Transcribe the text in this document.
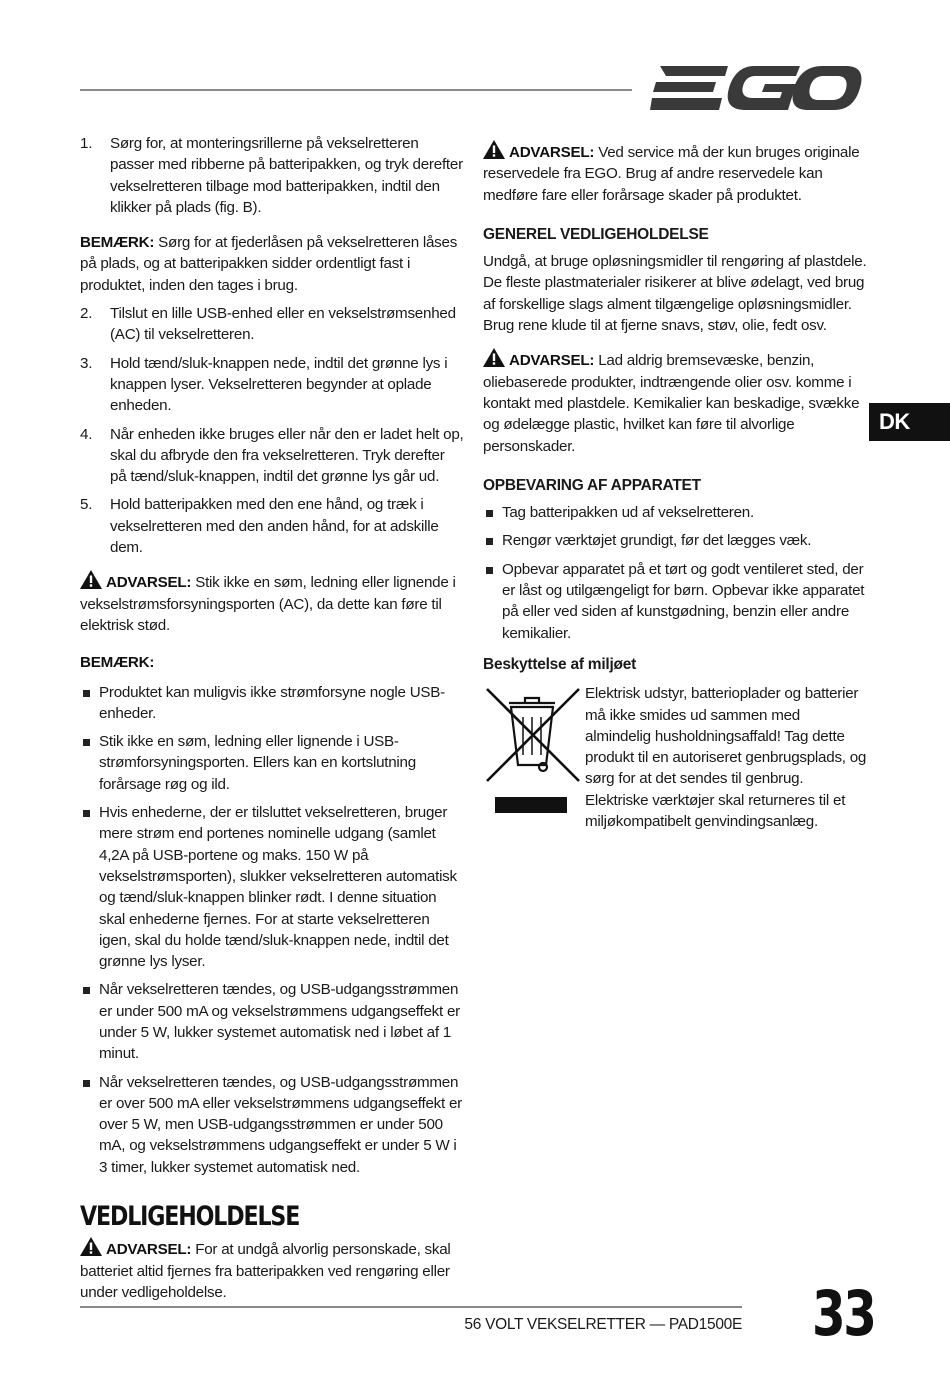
1. Sørg for, at monteringsrillerne på vekselretteren passer med ribberne på batteripakken, og tryk derefter vekselretteren tilbage mod batteripakken, indtil den klikker på plads (fig. B).

BEMÆRK: Sørg for at fjederlåsen på vekselretteren låses på plads, og at batteripakken sidder ordentligt fast i produktet, inden den tages i brug.

2. Tilslut en lille USB-enhed eller en vekselstrømsenhed (AC) til vekselretteren.
3. Hold tænd/sluk-knappen nede, indtil det grønne lys i knappen lyser. Vekselretteren begynder at oplade enheden.
4. Når enheden ikke bruges eller når den er ladet helt op, skal du afbryde den fra vekselretteren. Tryk derefter på tænd/sluk-knappen, indtil det grønne lys går ud.
5. Hold batteripakken med den ene hånd, og træk i vekselretteren med den anden hånd, for at adskille dem.

ADVARSEL: Stik ikke en søm, ledning eller lignende i vekselstrømsforsyningsporten (AC), da dette kan føre til elektrisk stød.

BEMÆRK:

Produktet kan muligvis ikke strømforsyne nogle USB-enheder.
Stik ikke en søm, ledning eller lignende i USB-strømforsyningsporten. Ellers kan en kortslutning forårsage røg og ild.
Hvis enhederne, der er tilsluttet vekselretteren, bruger mere strøm end portenes nominelle udgang (samlet 4,2A på USB-portene og maks. 150 W på vekselstrømsporten), slukker vekselretteren automatisk og tænd/sluk-knappen blinker rødt. I denne situation skal enhederne fjernes. For at starte vekselretteren igen, skal du holde tænd/sluk-knappen nede, indtil det grønne lys lyser.
Når vekselretteren tændes, og USB-udgangsstrømmen er under 500 mA og vekselstrømmens udgangseffekt er under 5 W, lukker systemet automatisk ned i løbet af 1 minut.
Når vekselretteren tændes, og USB-udgangsstrømmen er over 500 mA eller vekselstrømmens udgangseffekt er over 5 W, men USB-udgangsstrømmen er under 500 mA, og vekselstrømmens udgangseffekt er under 5 W i 3 timer, lukker systemet automatisk ned.
VEDLIGEHOLDELSE

ADVARSEL: For at undgå alvorlig personskade, skal batteriet altid fjernes fra batteripakken ved rengøring eller under vedligeholdelse.

ADVARSEL: Ved service må der kun bruges originale reservedele fra EGO. Brug af andre reservedele kan medføre fare eller forårsage skader på produktet.

GENEREL VEDLIGEHOLDELSE

Undgå, at bruge opløsningsmidler til rengøring af plastdele. De fleste plastmaterialer risikerer at blive ødelagt, ved brug af forskellige slags alment tilgængelige opløsningsmidler. Brug rene klude til at fjerne snavs, støv, olie, fedt osv.

ADVARSEL: Lad aldrig bremsevæske, benzin, oliebaserede produkter, indtrængende olier osv. komme i kontakt med plastdele. Kemikalier kan beskadige, svække og ødelægge plastic, hvilket kan føre til alvorlige personskader.

OPBEVARING AF APPARATET
Tag batteripakken ud af vekselretteren.
Rengør værktøjet grundigt, før det lægges væk.
Opbevar apparatet på et tørt og godt ventileret sted, der er låst og utilgængeligt for børn. Opbevar ikke apparatet på eller ved siden af kunstgødning, benzin eller andre kemikalier.
Beskyttelse af miljøet

Elektrisk udstyr, batterioplader og batterier må ikke smides ud sammen med almindelig husholdningsaffald! Tag dette produkt til en autoriseret genbrugsplads, og sørg for at det sendes til genbrug. Elektriske værktøjer skal returneres til et miljøkompatibelt genvindingsanlæg.

DK
56 VOLT VEKSELRETTER — PAD1500E 33
